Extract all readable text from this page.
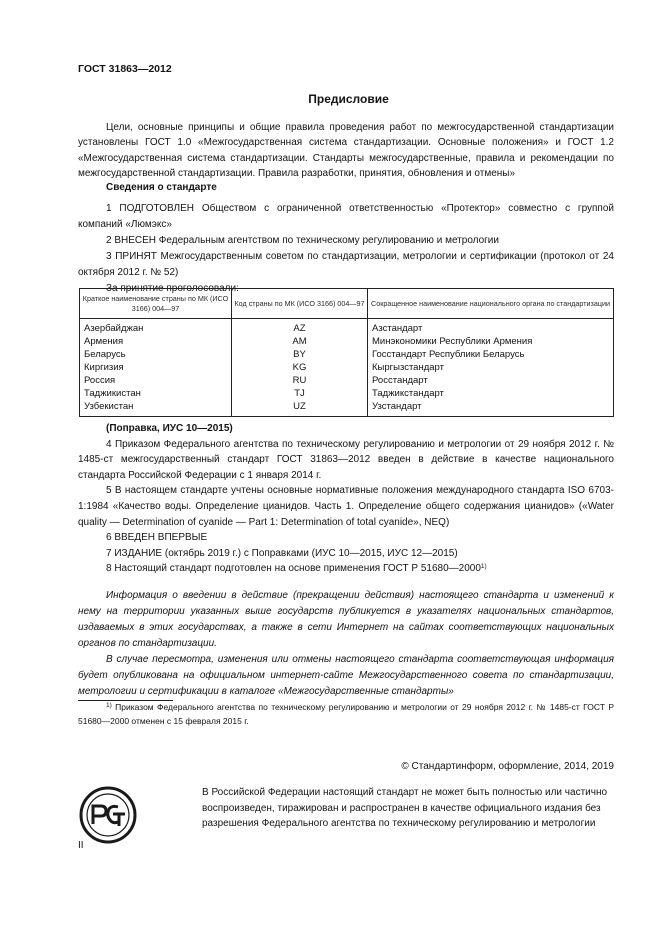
ГОСТ 31863—2012
Предисловие

Цели, основные принципы и общие правила проведения работ по межгосударственной стандартизации установлены ГОСТ 1.0 «Межгосударственная система стандартизации. Основные положения» и ГОСТ 1.2 «Межгосударственная система стандартизации. Стандарты межгосударственные, правила и рекомендации по межгосударственной стандартизации. Правила разработки, принятия, обновления и отмены»

Сведения о стандарте

1 ПОДГОТОВЛЕН Обществом с ограниченной ответственностью «Протектор» совместно с группой компаний «Люмэкс»

2 ВНЕСЕН Федеральным агентством по техническому регулированию и метрологии

3 ПРИНЯТ Межгосударственным советом по стандартизации, метрологии и сертификации (протокол от 24 октября 2012 г. № 52)

За принятие проголосовали:

Краткое наименование страны по МК (ИСО 3166) 004—97	Код страны по МК (ИСО 3166) 004—97	Сокращенное наименование национального органа по стандартизации
Азербайджан	AZ	Азстандарт
Армения	AM	Минэкономики Республики Армения
Беларусь	BY	Госстандарт Республики Беларусь
Киргизия	KG	Кыргызстандарт
Россия	RU	Росстандарт
Таджикистан	TJ	Таджикстандарт
Узбекистан	UZ	Узстандарт

(Поправка, ИУС 10—2015)

4 Приказом Федерального агентства по техническому регулированию и метрологии от 29 ноября 2012 г. № 1485-ст межгосударственный стандарт ГОСТ 31863—2012 введен в действие в качестве национального стандарта Российской Федерации с 1 января 2014 г.

5 В настоящем стандарте учтены основные нормативные положения международного стандарта ISO 6703-1:1984 «Качество воды. Определение цианидов. Часть 1. Определение общего содержания цианидов» («Water quality — Determination of cyanide — Part 1: Determination of total cyanide», NEQ)

6 ВВЕДЕН ВПЕРВЫЕ

7 ИЗДАНИЕ (октябрь 2019 г.) с Поправками (ИУС 10—2015, ИУС 12—2015)

8 Настоящий стандарт подготовлен на основе применения ГОСТ Р 51680—2000$^{1)}$

Информация о введении в действие (прекращении действия) настоящего стандарта и изменений к нему на территории указанных выше государств публикуется в указателях национальных стандартов, издаваемых в этих государствах, а также в сети Интернет на сайтах соответствующих национальных органов по стандартизации.

В случае пересмотра, изменения или отмены настоящего стандарта соответствующая информация будет опубликована на официальном интернет-сайте Межгосударственного совета по стандартизации, метрологии и сертификации в каталоге «Межгосударственные стандарты»

$^{1)}$ Приказом Федерального агентства по техническому регулированию и метрологии от 29 ноября 2012 г. № 1485-ст ГОСТ Р 51680—2000 отменен с 15 февраля 2015 г.

© Стандартинформ, оформление, 2014, 2019
РСТ
В Российской Федерации настоящий стандарт не может быть полностью или частично воспроизведен, тиражирован и распространен в качестве официального издания без разрешения Федерального агентства по техническому регулированию и метрологии
II
